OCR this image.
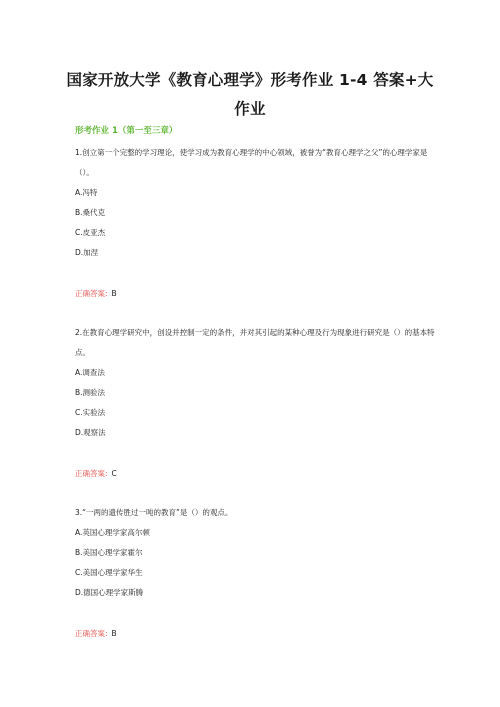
国家开放大学《教育心理学》形考作业 1-4 答案+大作业
形考作业 1（第一至三章）

1.创立第一个完整的学习理论，使学习成为教育心理学的中心领域，被誉为“教育心理学之父”的心理学家是（）。

A.冯特

B.桑代克

C.皮亚杰

D.加涅

正确答案: B

2.在教育心理学研究中，创设并控制一定的条件，并对其引起的某种心理及行为现象进行研究是（）的基本特点。

A.调查法

B.测验法

C.实验法

D.观察法

正确答案: C

3.“一两的遗传胜过一吨的教育”是（）的观点。

A.英国心理学家高尔顿

B.美国心理学家霍尔

C.美国心理学家华生

D.德国心理学家斯腾

正确答案: B
